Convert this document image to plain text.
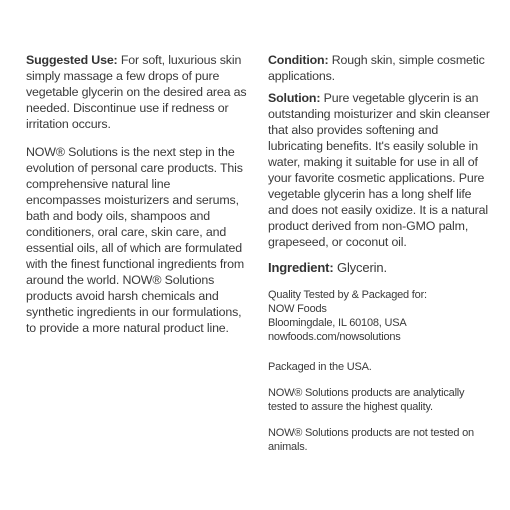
Suggested Use: For soft, luxurious skin simply massage a few drops of pure vegetable glycerin on the desired area as needed. Discontinue use if redness or irritation occurs.

NOW® Solutions is the next step in the evolution of personal care products. This comprehensive natural line encompasses moisturizers and serums, bath and body oils, shampoos and conditioners, oral care, skin care, and essential oils, all of which are formulated with the finest functional ingredients from around the world. NOW® Solutions products avoid harsh chemicals and synthetic ingredients in our formulations, to provide a more natural product line.

Condition: Rough skin, simple cosmetic applications.

Solution: Pure vegetable glycerin is an outstanding moisturizer and skin cleanser that also provides softening and lubricating benefits. It's easily soluble in water, making it suitable for use in all of your favorite cosmetic applications. Pure vegetable glycerin has a long shelf life and does not easily oxidize. It is a natural product derived from non-GMO palm, grapeseed, or coconut oil.

Ingredient: Glycerin.

Quality Tested by & Packaged for:

NOW Foods

Bloomingdale, IL 60108, USA

nowfoods.com/nowsolutions

Packaged in the USA.

NOW® Solutions products are analytically tested to assure the highest quality.

NOW® Solutions products are not tested on animals.
